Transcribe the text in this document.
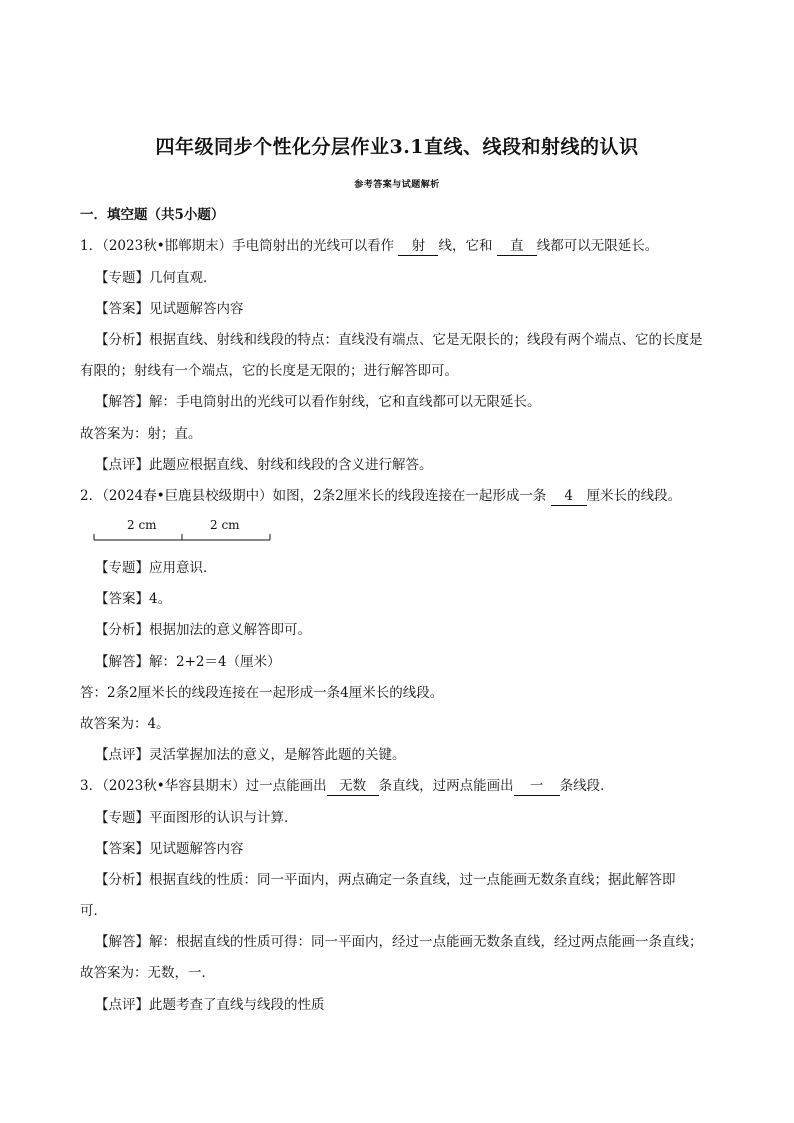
四年级同步个性化分层作业3.1直线、线段和射线的认识
参考答案与试题解析
一．填空题（共5小题）
1．（2023秋•邯郸期末）手电筒射出的光线可以看作 射 线，它和 直 线都可以无限延长。
【专题】几何直观．
【答案】见试题解答内容
【分析】根据直线、射线和线段的特点：直线没有端点、它是无限长的；线段有两个端点、它的长度是
有限的；射线有一个端点，它的长度是无限的；进行解答即可。
【解答】解：手电筒射出的光线可以看作射线，它和直线都可以无限延长。
故答案为：射；直。
【点评】此题应根据直线、射线和线段的含义进行解答。
2．（2024春•巨鹿县校级期中）如图，2条2厘米长的线段连接在一起形成一条 4 厘米长的线段。
2 cm	2 cm
【专题】应用意识．
【答案】4。
【分析】根据加法的意义解答即可。
【解答】解：2+2＝4（厘米）
答：2条2厘米长的线段连接在一起形成一条4厘米长的线段。
故答案为：4。
【点评】灵活掌握加法的意义，是解答此题的关键。
3．（2023秋•华容县期末）过一点能画出 无数 条直线，过两点能画出 一 条线段．
【专题】平面图形的认识与计算．
【答案】见试题解答内容
【分析】根据直线的性质：同一平面内，两点确定一条直线，过一点能画无数条直线；据此解答即
可．
【解答】解：根据直线的性质可得：同一平面内，经过一点能画无数条直线，经过两点能画一条直线；
故答案为：无数，一．
【点评】此题考查了直线与线段的性质
